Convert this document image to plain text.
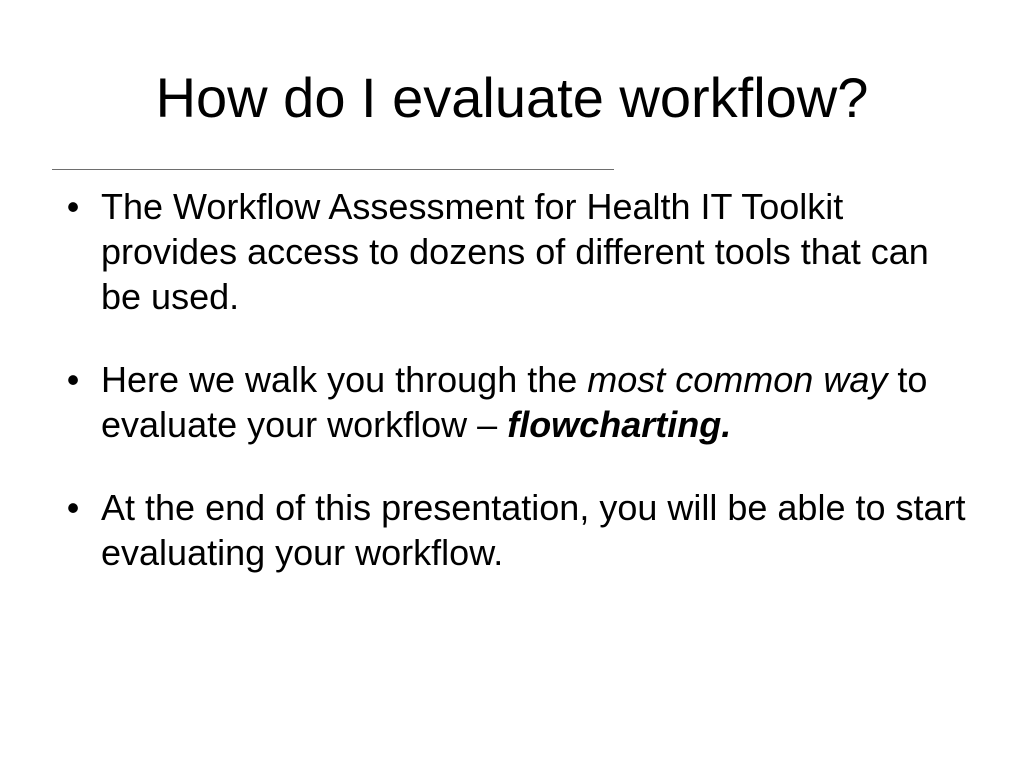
How do I evaluate workflow?
• The Workflow Assessment for Health IT Toolkit provides access to dozens of different tools that can be used.
• Here we walk you through the most common way to evaluate your workflow – flowcharting.
• At the end of this presentation, you will be able to start evaluating your workflow.
